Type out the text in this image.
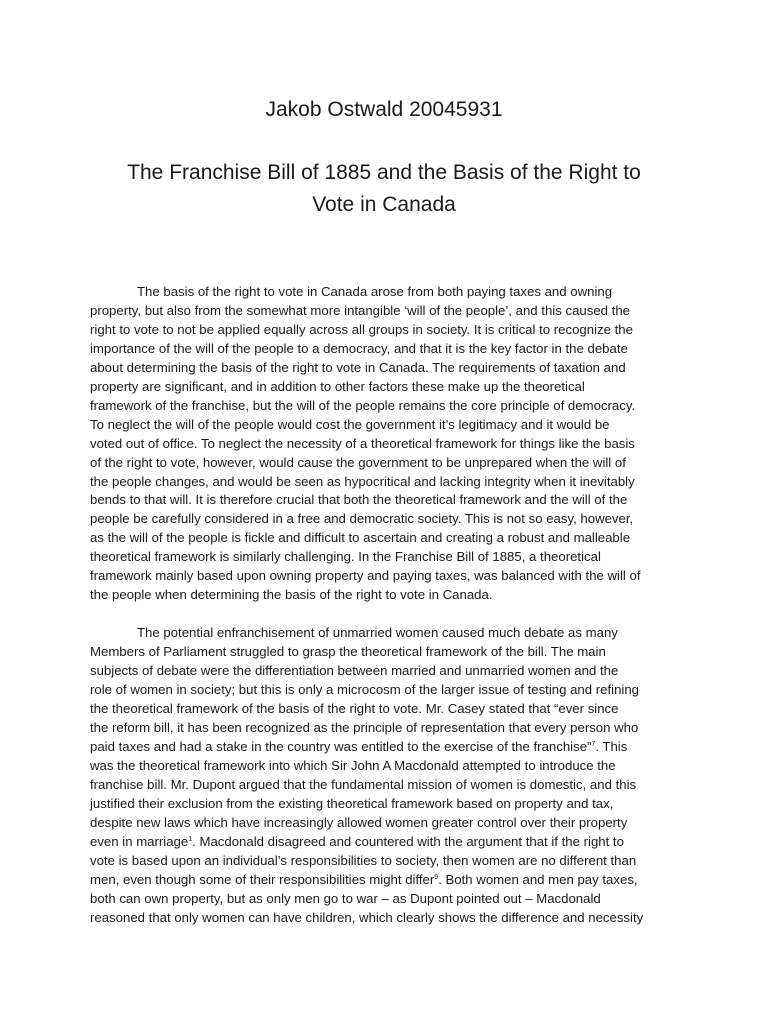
Jakob Ostwald 20045931
The Franchise Bill of 1885 and the Basis of the Right to
Vote in Canada

The basis of the right to vote in Canada arose from both paying taxes and owning property, but also from the somewhat more intangible ‘will of the people’, and this caused the right to vote to not be applied equally across all groups in society. It is critical to recognize the importance of the will of the people to a democracy, and that it is the key factor in the debate about determining the basis of the right to vote in Canada. The requirements of taxation and property are significant, and in addition to other factors these make up the theoretical framework of the franchise, but the will of the people remains the core principle of democracy. To neglect the will of the people would cost the government it’s legitimacy and it would be voted out of office. To neglect the necessity of a theoretical framework for things like the basis of the right to vote, however, would cause the government to be unprepared when the will of the people changes, and would be seen as hypocritical and lacking integrity when it inevitably bends to that will. It is therefore crucial that both the theoretical framework and the will of the people be carefully considered in a free and democratic society. This is not so easy, however, as the will of the people is fickle and difficult to ascertain and creating a robust and malleable theoretical framework is similarly challenging. In the Franchise Bill of 1885, a theoretical framework mainly based upon owning property and paying taxes, was balanced with the will of the people when determining the basis of the right to vote in Canada.

The potential enfranchisement of unmarried women caused much debate as many Members of Parliament struggled to grasp the theoretical framework of the bill. The main subjects of debate were the differentiation between married and unmarried women and the role of women in society; but this is only a microcosm of the larger issue of testing and refining the theoretical framework of the basis of the right to vote. Mr. Casey stated that “ever since the reform bill, it has been recognized as the principle of representation that every person who paid taxes and had a stake in the country was entitled to the exercise of the franchise”$^7$. This was the theoretical framework into which Sir John A Macdonald attempted to introduce the franchise bill. Mr. Dupont argued that the fundamental mission of women is domestic, and this justified their exclusion from the existing theoretical framework based on property and tax, despite new laws which have increasingly allowed women greater control over their property even in marriage$^1$. Macdonald disagreed and countered with the argument that if the right to vote is based upon an individual’s responsibilities to society, then women are no different than men, even though some of their responsibilities might differ$^9$. Both women and men pay taxes, both can own property, but as only men go to war – as Dupont pointed out – Macdonald reasoned that only women can have children, which clearly shows the difference and necessity
